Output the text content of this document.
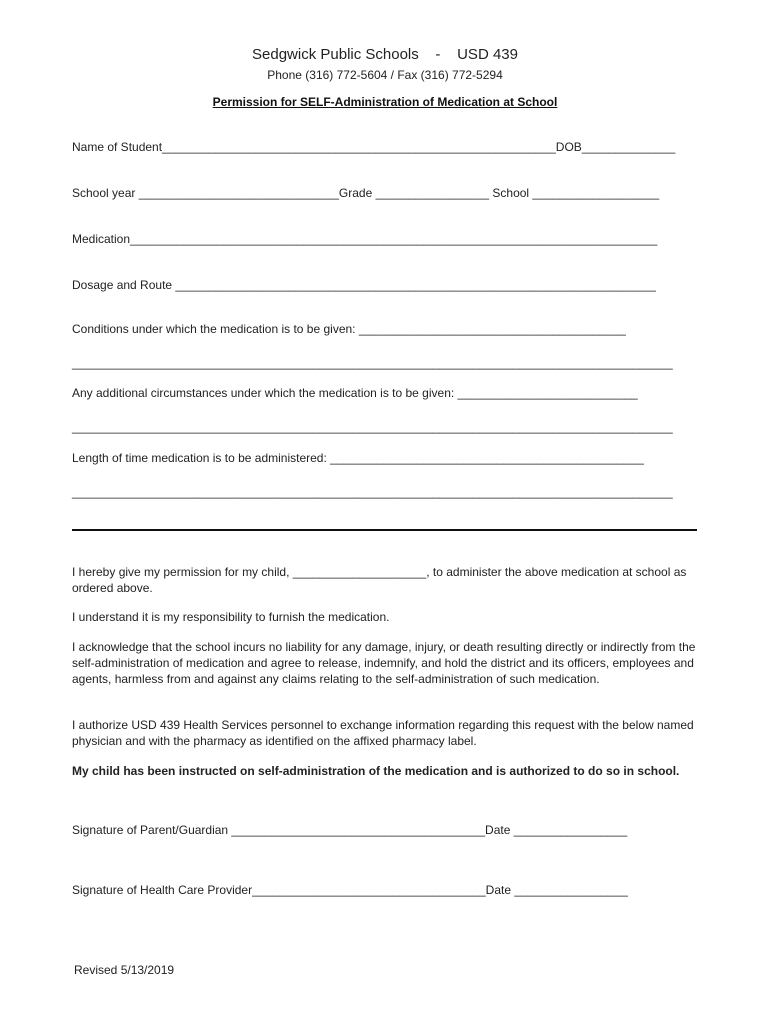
Sedgwick Public Schools    -    USD 439
Phone (316) 772-5604 / Fax (316) 772-5294
Permission for SELF-Administration of Medication at School
Name of Student___________________________________________________________DOB______________
School year ______________________________Grade _________________ School ___________________
Medication_______________________________________________________________________________
Dosage and Route ________________________________________________________________________
Conditions under which the medication is to be given: ________________________________________
__________________________________________________________________________________________
Any additional circumstances under which the medication is to be given: ___________________________
__________________________________________________________________________________________
Length of time medication is to be administered: _______________________________________________
__________________________________________________________________________________________
I hereby give my permission for my child, ____________________, to administer the above medication at school as ordered above.
I understand it is my responsibility to furnish the medication.
I acknowledge that the school incurs no liability for any damage, injury, or death resulting directly or indirectly from the self-administration of medication and agree to release, indemnify, and hold the district and its officers, employees and agents, harmless from and against any claims relating to the self-administration of such medication.
I authorize USD 439 Health Services personnel to exchange information regarding this request with the below named physician and with the pharmacy as identified on the affixed pharmacy label.
My child has been instructed on self-administration of the medication and is authorized to do so in school.
Signature of Parent/Guardian ______________________________________Date _________________
Signature of Health Care Provider___________________________________Date _________________
Revised 5/13/2019
